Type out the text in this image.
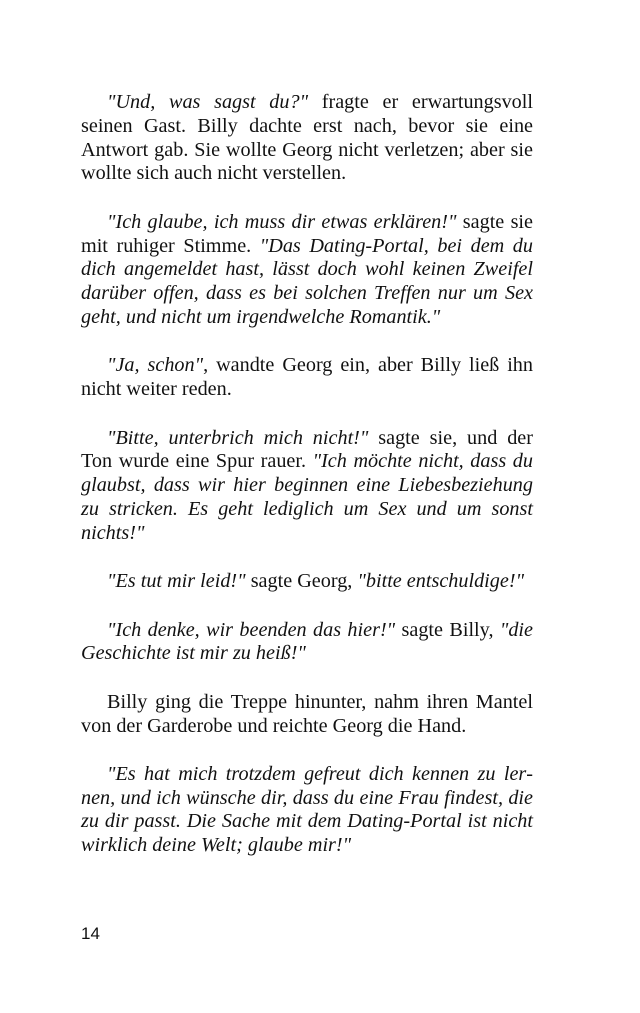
"Und, was sagst du?" fragte er erwartungsvoll seinen Gast. Billy dachte erst nach, bevor sie eine Antwort gab. Sie wollte Georg nicht verletzen; aber sie wollte sich auch nicht verstellen.

"Ich glaube, ich muss dir etwas erklären!" sagte sie mit ruhiger Stimme. "Das Dating-Portal, bei dem du dich angemeldet hast, lässt doch wohl keinen Zweifel darüber offen, dass es bei solchen Treffen nur um Sex geht, und nicht um irgendwelche Romantik."

"Ja, schon", wandte Georg ein, aber Billy ließ ihn nicht weiter reden.

"Bitte, unterbrich mich nicht!" sagte sie, und der Ton wurde eine Spur rauer. "Ich möchte nicht, dass du glaubst, dass wir hier beginnen eine Liebesbeziehung zu stricken. Es geht lediglich um Sex und um sonst nichts!"

"Es tut mir leid!" sagte Georg, "bitte entschuldige!"

"Ich denke, wir beenden das hier!" sagte Billy, "die Geschichte ist mir zu heiß!"

Billy ging die Treppe hinunter, nahm ihren Mantel von der Garderobe und reichte Georg die Hand.

"Es hat mich trotzdem gefreut dich kennen zu lernen, und ich wünsche dir, dass du eine Frau findest, die zu dir passt. Die Sache mit dem Dating-Portal ist nicht wirklich deine Welt; glaube mir!"

14
